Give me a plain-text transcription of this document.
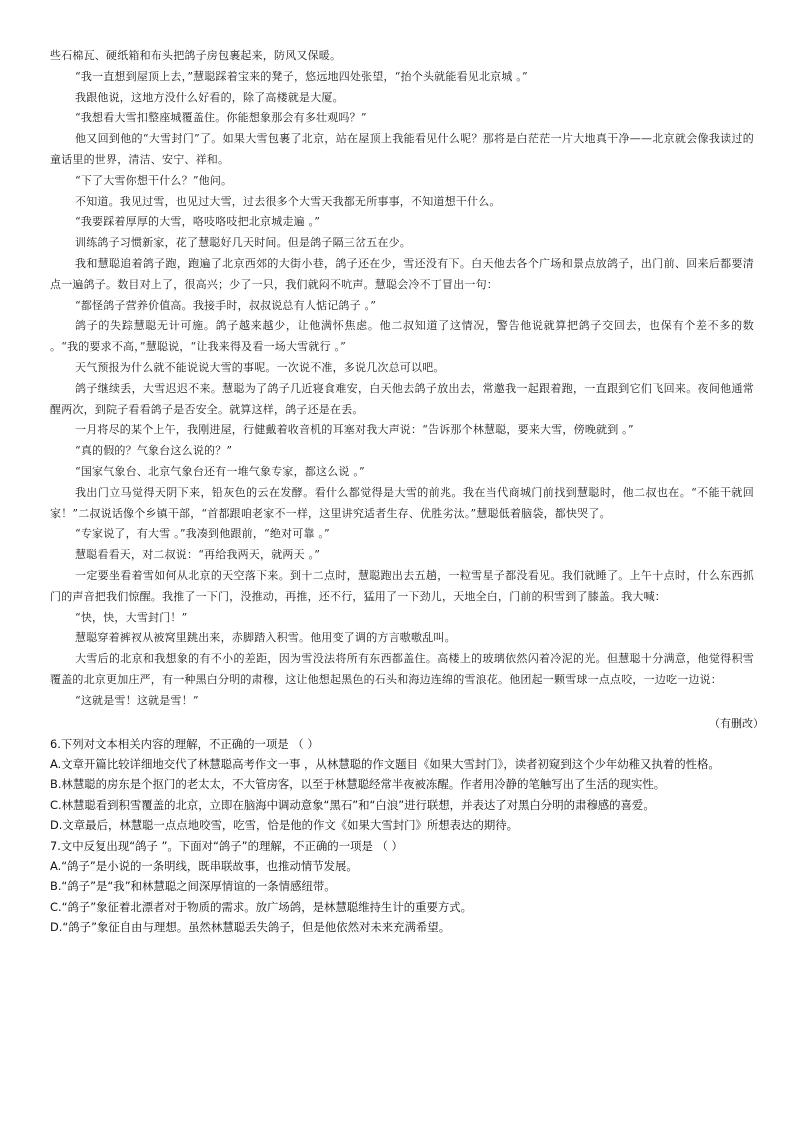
些石棉瓦、硬纸箱和布头把鸽子房包裹起来，防风又保暖。

“我一直想到屋顶上去，”慧聪踩着宝来的凳子，悠远地四处张望，“抬个头就能看见北京城 。”

我跟他说，这地方没什么好看的，除了高楼就是大厦。

“我想看大雪扣整座城覆盖住。你能想象那会有多壮观吗？”

他又回到他的“大雪封门”了。如果大雪包裹了北京，站在屋顶上我能看见什么呢？那将是白茫茫一片大地真干净——北京就会像我读过的童话里的世界，清洁、安宁、祥和。

“下了大雪你想干什么？”他问。

不知道。我见过雪，也见过大雪，过去很多个大雪天我都无所事事，不知道想干什么。

“我要踩着厚厚的大雪，咯吱咯吱把北京城走遍 。”

训练鸽子习惯新家，花了慧聪好几天时间。但是鸽子隔三岔五在少。

我和慧聪追着鸽子跑，跑遍了北京西郊的大街小巷，鸽子还在少，雪还没有下。白天他去各个广场和景点放鸽子，出门前、回来后都要清点一遍鸽子。数目对上了，很高兴；少了一只，我们就闷不吭声。慧聪会冷不丁冒出一句：

“都怪鸽子营养价值高。我接手时，叔叔说总有人惦记鸽子 。”

鸽子的失踪慧聪无计可施。鸽子越来越少，让他满怀焦虑。他二叔知道了这情况，警告他说就算把鸽子交回去，也保有个差不多的数 。“我的要求不高，”慧聪说，“让我来得及看一场大雪就行 。”

天气预报为什么就不能说说大雪的事呢。一次说不准，多说几次总可以吧。

鸽子继续丢，大雪迟迟不来。慧聪为了鸽子几近寝食难安，白天他去鸽子放出去，常邀我一起跟着跑，一直跟到它们飞回来。夜间他通常醒两次，到院子看看鸽子是否安全。就算这样，鸽子还是在丢。

一月将尽的某个上午，我刚进屋，行健戴着收音机的耳塞对我大声说：“告诉那个林慧聪，要来大雪，傍晚就到 。”

“真的假的？气象台这么说的？”

“国家气象台、北京气象台还有一堆气象专家，都这么说 。”

我出门立马觉得天阴下来，铅灰色的云在发酵。看什么都觉得是大雪的前兆。我在当代商城门前找到慧聪时，他二叔也在。“不能干就回家！”二叔说话像个乡镇干部，“首都跟咱老家不一样，这里讲究适者生存、优胜劣汰。”慧聪低着脑袋，都快哭了。

“专家说了，有大雪 。”我凑到他跟前，“绝对可靠 。”

慧聪看看天，对二叔说：“再给我两天，就两天 。”

一定要坐看着雪如何从北京的天空落下来。到十二点时，慧聪跑出去五趟，一粒雪星子都没看见。我们就睡了。上午十点时，什么东西抓门的声音把我们惊醒。我推了一下门，没推动，再推，还不行，猛用了一下劲儿，天地全白，门前的积雪到了膝盖。我大喊：

“快，快，大雪封门！”

慧聪穿着裤衩从被窝里跳出来，赤脚踏入积雪。他用变了调的方言嗷嗷乱叫。

大雪后的北京和我想象的有不小的差距，因为雪没法将所有东西都盖住。高楼上的玻璃依然闪着冷泥的光。但慧聪十分满意，他觉得积雪覆盖的北京更加庄严，有一种黑白分明的肃穆，这让他想起黑色的石头和海边连绵的雪浪花。他团起一颗雪球一点点咬，一边吃一边说：

“这就是雪！这就是雪！”

（有删改）

6.下列对文本相关内容的理解，不正确的一项是 （ ）

A.文章开篇比较详细地交代了林慧聪高考作文一事 ，从林慧聪的作文题目《如果大雪封门》，读者初窥到这个少年幼稚又执着的性格。

B.林慧聪的房东是个抠门的老太太，不大管房客，以至于林慧聪经常半夜被冻醒。作者用冷静的笔触写出了生活的现实性。

C.林慧聪看到积雪覆盖的北京，立即在脑海中调动意象“黑石”和“白浪”进行联想，并表达了对黑白分明的肃穆感的喜爱。

D.文章最后，林慧聪一点点地咬雪，吃雪，恰是他的作文《如果大雪封门》所想表达的期待。

7.文中反复出现“鸽子 ”。下面对“鸽子”的理解，不正确的一项是 （ ）

A.“鸽子”是小说的一条明线，既串联故事，也推动情节发展。

B.“鸽子”是“我”和林慧聪之间深厚情谊的一条情感纽带。

C.“鸽子”象征着北漂者对于物质的需求。放广场鸽，是林慧聪维持生计的重要方式。

D.“鸽子”象征自由与理想。虽然林慧聪丢失鸽子，但是他依然对未来充满希望。
